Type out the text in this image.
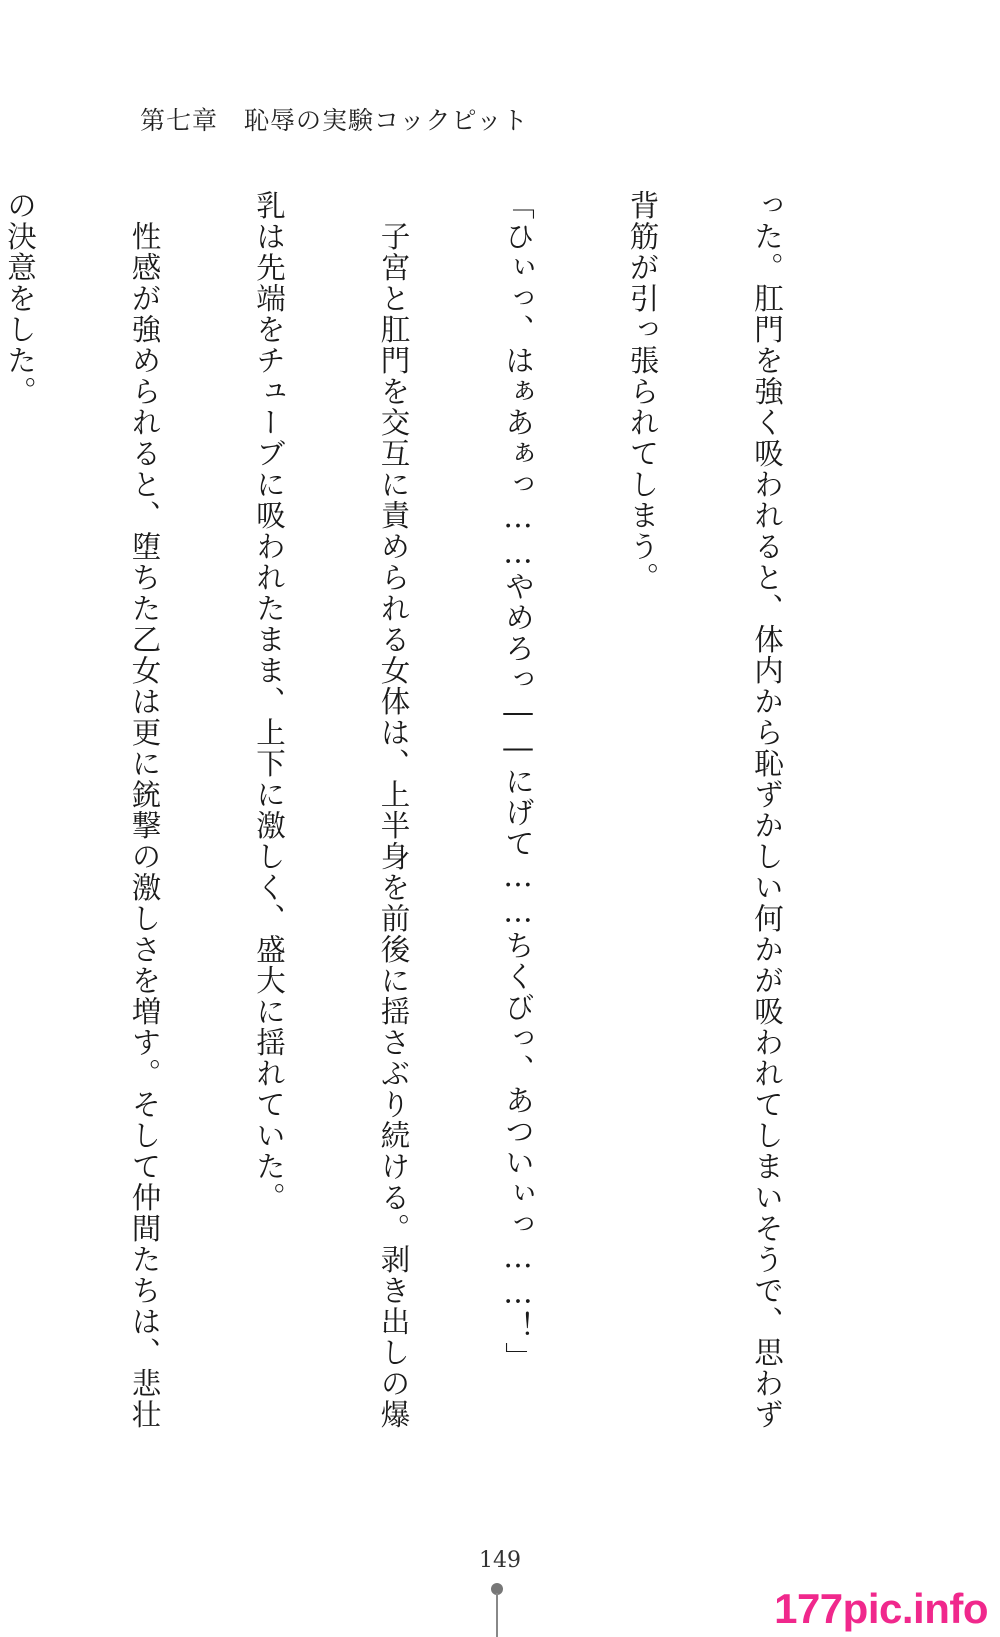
第七章　恥辱の実験コックピット

った。肛門を強く吸われると、体内から恥ずかしい何かが吸われてしまいそうで、思わず

背筋が引っ張られてしまう。

「ひぃっ、はぁあぁっ……やめろっ――にげて……ちくびっ、あついぃっ……！」

　子宮と肛門を交互に責められる女体は、上半身を前後に揺さぶり続ける。剥き出しの爆

乳は先端をチューブに吸われたまま、上下に激しく、盛大に揺れていた。

　性感が強められると、堕ちた乙女は更に銃撃の激しさを増す。そして仲間たちは、悲壮

の決意をした。

149
177pic.info
